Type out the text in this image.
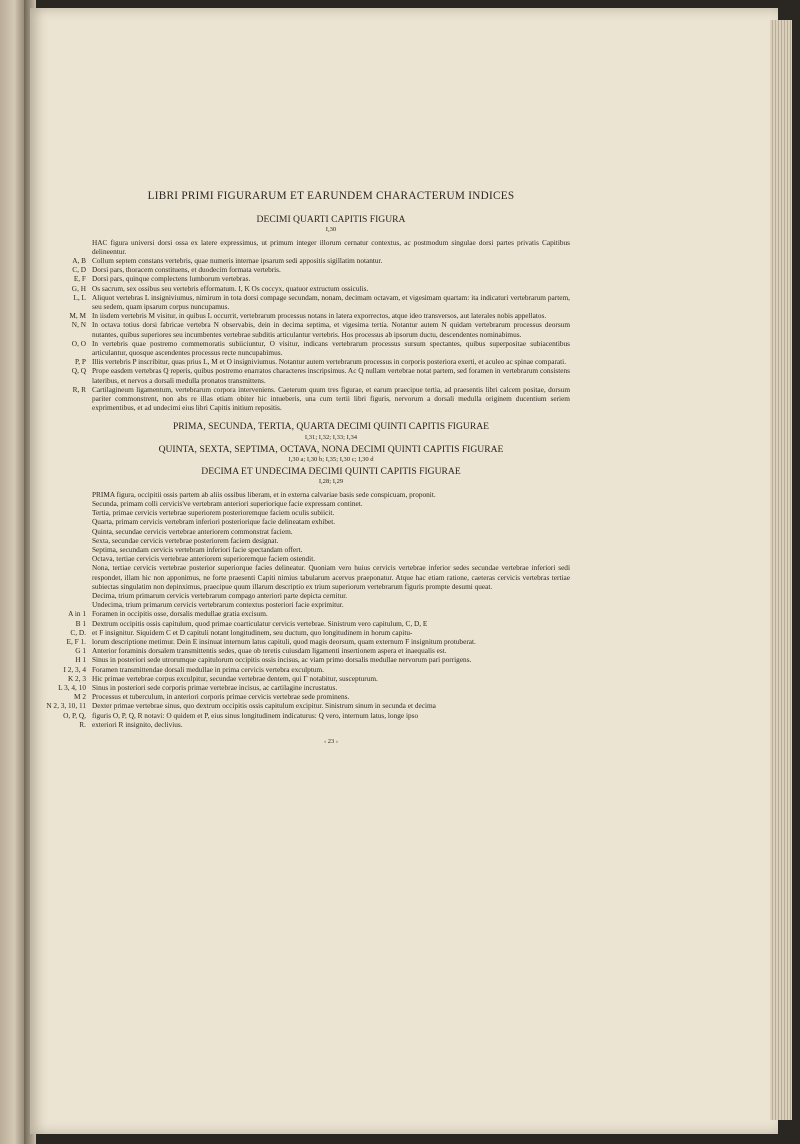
LIBRI PRIMI FIGURARUM ET EARUNDEM CHARACTERUM INDICES
DECIMI QUARTI CAPITIS FIGURA
I,30

HAC figura universi dorsi ossa ex latere expressimus, ut primum integer illorum cernatur contextus, ac postmodum singulae dorsi partes privatis Capitibus delineentur.

A, B Collum septem constans vertebris, quae numeris internae ipsarum sedi appositis sigillatim notantur.

C, D Dorsi pars, thoracem constituens, et duodecim formata vertebris.

E, F Dorsi pars, quinque complectens lumborum vertebras.

G, H Os sacrum, sex ossibus seu vertebris efformatum. I, K Os coccyx, quatuor extructum ossiculis.

L, L Aliquot vertebras L insigniviumus, nimirum in tota dorsi compage secundam, nonam, decimam octavam, et vigesimam quartam: ita indicaturi vertebrarum partem, seu sedem, quam ipsarum corpus nuncupamus.

M, M In iisdem vertebris M visitur, in quibus L occurrit, vertebrarum processus notans in latera exporrectos, atque ideo transversos, aut laterales nobis appellatos.

N, N In octava totius dorsi fabricae vertebra N observabis, dein in decima septima, et vigesima tertia. Notantur autem N quidam vertebrarum processus deorsum nutantes, quibus superiores seu incumbentes vertebrae subditis articulantur vertebris. Hos processus ab ipsorum ductu, descendentes nominabimus.

O, O In vertebris quae postremo commemoratis subiiciuntur, O visitur, indicans vertebrarum processus sursum spectantes, quibus superpositae subiacentibus articulantur, quosque ascendentes processus recte nuncupabimus.

P, P Illis vertebris P inscribitur, quas prius L, M et O insigniviumus. Notantur autem vertebrarum processus in corporis posteriora exerti, et aculeo ac spinae comparati.

Q, Q Prope easdem vertebras Q reperis, quibus postremo enarratos characteres inscripsimus. Ac Q nullam vertebrae notat partem, sed foramen in vertebrarum consistens lateribus, et nervos a dorsali medulla pronatos transmittens.

R, R Cartilagineum ligamentum, vertebrarum corpora interveniens. Caeterum quum tres figurae, et earum praecipue tertia, ad praesentis libri calcem positae, dorsum pariter commonstrent, non abs re illas etiam obiter hic intueberis, una cum tertii libri figuris, nervorum a dorsali medulla originem ducentium seriem exprimentibus, et ad undecimi eius libri Capitis initium repositis.

PRIMA, SECUNDA, TERTIA, QUARTA DECIMI QUINTI CAPITIS FIGURAE
I,31; I,32; I,33; I,34
QUINTA, SEXTA, SEPTIMA, OCTAVA, NONA DECIMI QUINTI CAPITIS FIGURAE
I,30 a; I,30 b; I,35; I,30 c; I,30 d
DECIMA ET UNDECIMA DECIMI QUINTI CAPITIS FIGURAE
I,28; I,29

PRIMA figura, occipitii ossis partem ab aliis ossibus liberam, et in externa calvariae basis sede conspicuam, proponit.

Secunda, primam colli cervicis've vertebram anteriori superiorique facie expressam continet.

Tertia, primae cervicis vertebrae superiorem posterioremque faciem oculis subiicit.

Quarta, primam cervicis vertebram inferiori posteriorique facie delineatam exhibet.

Quinta, secundae cervicis vertebrae anteriorem commonstrat faciem.

Sexta, secundae cervicis vertebrae posteriorem faciem designat.

Septima, secundam cervicis vertebram inferiori facie spectandam offert.

Octava, tertiae cervicis vertebrae anteriorem superioremque faciem ostendit.

Nona, tertiae cervicis vertebrae posterior superiorque facies delineatur. Quoniam vero huius cervicis vertebrae inferior sedes secundae vertebrae inferiori sedi respondet, illam hic non apponimus, ne forte praesenti Capiti nimius tabularum acervus praeponatur. Atque hac etiam ratione, caeteras cervicis vertebras tertiae subiectas singulatim non depinximus, praecipue quum illarum descriptio ex trium superiorum vertebrarum figuris prompte desumi queat.

Decima, trium primarum cervicis vertebrarum compago anteriori parte depicta cernitur.

Undecima, trium primarum cervicis vertebrarum contextus posteriori facie exprimitur.

A in 1 Foramen in occipitis osse, dorsalis medullae gratia excisum.

B 1 Dextrum occipitis ossis capitulum, quod primae coarticulatur cervicis vertebrae. Sinistrum vero capitulum, C, D, E

C, D. et F insignitur. Siquidem C et D capituli notant longitudinem, seu ductum, quo longitudinem in horum capitu-

E, F 1. lorum descriptione metimur. Dein E insinuat internum latus capituli, quod magis deorsum, quam externum F insignitum protuberat.

G 1 Anterior foraminis dorsalem transmittentis sedes, quae ob teretis cuiusdam ligamenti insertionem aspera et inaequalis est.

H 1 Sinus in posteriori sede utrorumque capitulorum occipitis ossis incisus, ac viam primo dorsalis medullae nervorum pari porrigens.

I 2, 3, 4 Foramen transmittendae dorsali medullae in prima cervicis vertebra exculptum.

K 2, 3 Hic primae vertebrae corpus exculpitur, secundae vertebrae dentem, qui Γ notabitur, suscepturum.

L 3, 4, 10 Sinus in posteriori sede corporis primae vertebrae incisus, ac cartilagine incrustatus.

M 2 Processus et tuberculum, in anteriori corporis primae cervicis vertebrae sede prominens.

N 2, 3, 10, 11 Dexter primae vertebrae sinus, quo dextrum occipitis ossis capitulum excipitur. Sinistrum sinum in secunda et decima

O, P, Q, figuris O, P, Q, R notavi: O quidem et P, eius sinus longitudinem indicaturus: Q vero, internum latus, longe ipso

R. exteriori R insignito, declivius.

‹ 23 ›
